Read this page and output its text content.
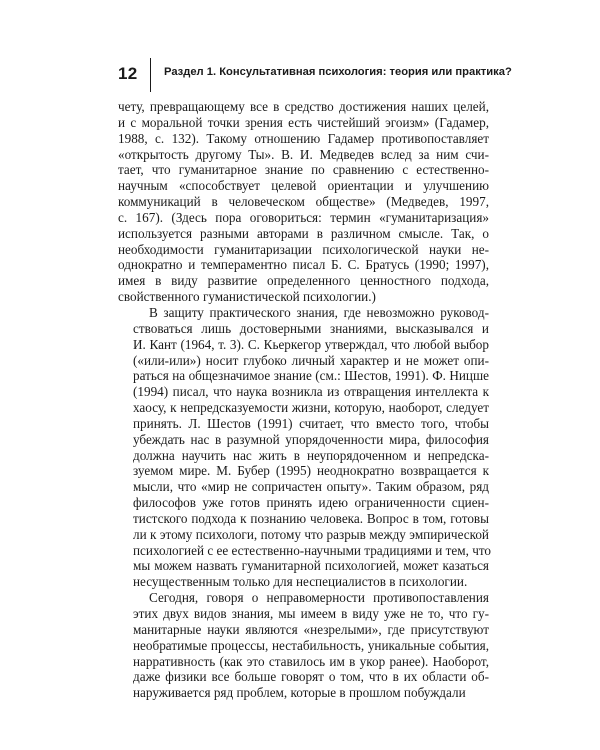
12 Раздел 1. Консультативная психология: теория или практика?
чету, превращающему все в средство достижения наших целей,
и с моральной точки зрения есть чистейший эгоизм» (Гадамер,
1988, с. 132). Такому отношению Гадамер противопоставляет
«открытость другому Ты». В. И. Медведев вслед за ним счи-
тает, что гуманитарное знание по сравнению с естественно-
научным «способствует целевой ориентации и улучшению
коммуникаций в человеческом обществе» (Медведев, 1997,
с. 167). (Здесь пора оговориться: термин «гуманитаризация»
используется разными авторами в различном смысле. Так, о
необходимости гуманитаризации психологической науки не-
однократно и темпераментно писал Б. С. Братусь (1990; 1997),
имея в виду развитие определенного ценностного подхода,
свойственного гуманистической психологии.)
В защиту практического знания, где невозможно руковод-
ствоваться лишь достоверными знаниями, высказывался и
И. Кант (1964, т. 3). С. Кьеркегор утверждал, что любой выбор
(«или-или») носит глубоко личный характер и не может опи-
раться на общезначимое знание (см.: Шестов, 1991). Ф. Ницше
(1994) писал, что наука возникла из отвращения интеллекта к
хаосу, к непредсказуемости жизни, которую, наоборот, следует
принять. Л. Шестов (1991) считает, что вместо того, чтобы
убеждать нас в разумной упорядоченности мира, философия
должна научить нас жить в неупорядоченном и непредска-
зуемом мире. М. Бубер (1995) неоднократно возвращается к
мысли, что «мир не сопричастен опыту». Таким образом, ряд
философов уже готов принять идею ограниченности сциен-
тистского подхода к познанию человека. Вопрос в том, готовы
ли к этому психологи, потому что разрыв между эмпирической
психологией с ее естественно-научными традициями и тем, что
мы можем назвать гуманитарной психологией, может казаться
несущественным только для неспециалистов в психологии.
Сегодня, говоря о неправомерности противопоставления
этих двух видов знания, мы имеем в виду уже не то, что гу-
манитарные науки являются «незрелыми», где присутствуют
необратимые процессы, нестабильность, уникальные события,
нарративность (как это ставилось им в укор ранее). Наоборот,
даже физики все больше говорят о том, что в их области об-
наруживается ряд проблем, которые в прошлом побуждали
